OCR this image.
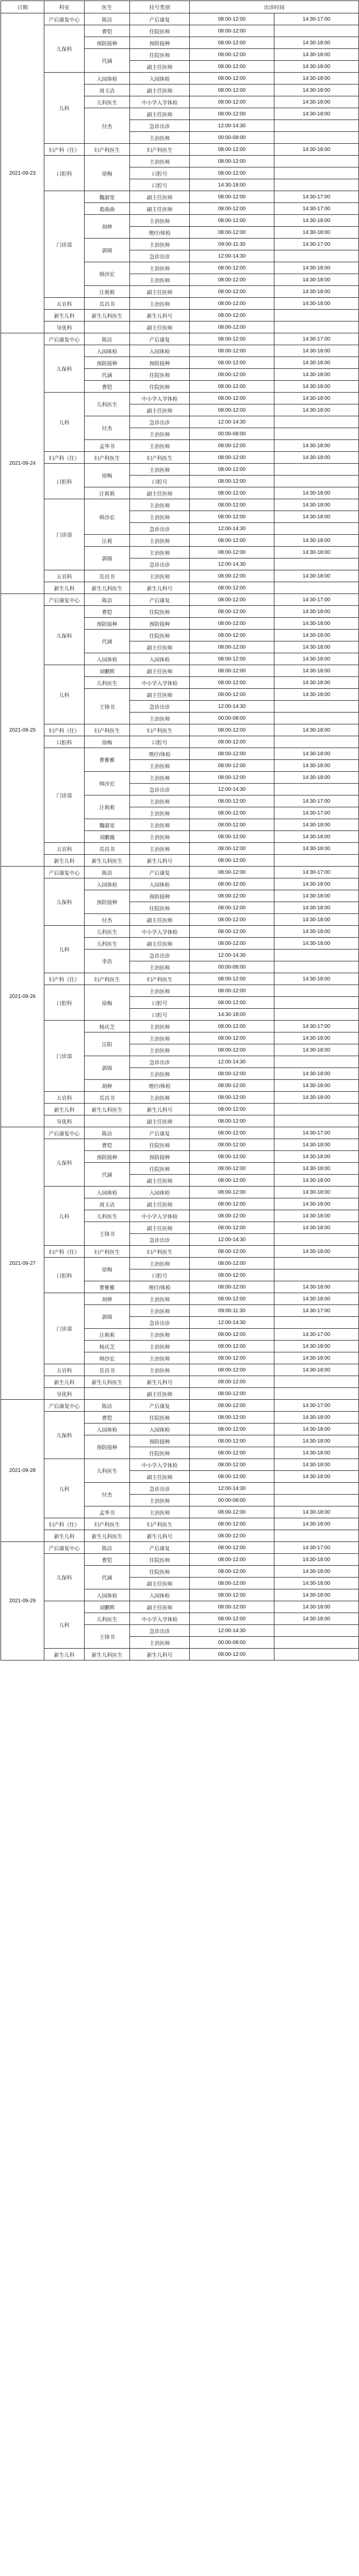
日期	科室	医生	挂号类别	出诊时间	
2021-09-23	产后康复中心	陈洁	产后康复	08:00-12:00	14:30-17:00
	儿保科	曹铠	住院医师	08:00-12:00	
		预防接种	预防接种	08:00-12:00	14:30-18:00
		代涵	住院医师	08:00-12:00	14:30-18:00
			副主任医师	08:00-12:00	14:30-18:00
	儿科	入园体检	入园体检	08:00-12:00	14:30-18:00
		周玉洁	副主任医师	08:00-12:00	14:30-18:00
		儿科医生	中小学入学体检	08:00-12:00	14:30-18:00
		付杰	副主任医师	08:00-12:00	14:30-18:00
			急诊出诊	12:00-14:30	
			主治医师	00:00-08:00	
	妇产科（住）	妇产科医生	妇产科医生	08:00-12:00	14:30-18:00
	口腔科	徐梅	主治医师	08:00-12:00	
			口腔号	08:00-12:00	
			口腔号	14:30-18:00	
	门诊部	魏淑宽	副主任医师	08:00-12:00	14:30-17:00
		葛曲曲	副主任医师	08:00-12:00	14:30-17:00
		胡伸	主治医师	08:00-12:00	14:30-18:00
			理疗/体检	08:00-12:00	14:30-18:00
		郭锦	主治医师	09:00-11:30	14:30-17:00
			急诊出诊	12:00-14:30	
		韩沙宏	主治医师	08:00-12:00	14:30-18:00
			主治医师	08:00-12:00	14:30-18:00
		汪莉莉	副主任医师	08:00-12:00	14:30-18:00
	五官科	岳昌书	主治医师	08:00-12:00	14:30-18:00
	新生儿科	新生儿科医生	新生儿科号	08:00-12:00	
	导优科		副主任医师	08:00-12:00	
2021-09-24	产后康复中心	陈洁	产后康复	08:00-12:00	14:30-17:00
	儿保科	入园体检	入园体检	08:00-12:00	14:30-18:00
		预防接种	预防接种	08:00-12:00	14:30-18:00
		代涵	住院医师	08:00-12:00	14:30-18:00
		曹铠	住院医师	08:00-12:00	14:30-18:00
	儿科	儿科医生	中小学入学体检	08:00-12:00	14:30-18:00
			副主任医师	08:00-12:00	14:30-18:00
		付杰	急诊出诊	12:00-14:30	
			主治医师	00:00-08:00	
		孟华书	主治医师	08:00-12:00	14:30-18:00
	妇产科（住）	妇产科医生	妇产科医生	08:00-12:00	14:30-18:00
	口腔科	徐梅	主治医师	08:00-12:00	
			口腔号	08:00-12:00	
		汪莉莉	副主任医师	08:00-12:00	14:30-18:00
	门诊部	韩沙宏	主治医师	08:00-12:00	14:30-18:00
			主治医师	08:00-12:00	14:30-18:00
			急诊出诊	12:00-14:30	
		汪莉	主治医师	08:00-12:00	14:30-18:00
		郭锦	主治医师	08:00-12:00	14:30-18:00
			急诊出诊	12:00-14:30	
	五官科	岳昌书	主治医师	08:00-12:00	14:30-18:00
	新生儿科	新生儿科医生	新生儿科号	08:00-12:00	
2021-09-25	产后康复中心	陈洁	产后康复	08:00-12:00	14:30-17:00
	儿保科	曹铠	住院医师	08:00-12:00	14:30-18:00
		预防接种	预防接种	08:00-12:00	14:30-18:00
		代涵	住院医师	08:00-12:00	14:30-18:00
			副主任医师	08:00-12:00	14:30-18:00
		入园体检	入园体检	08:00-12:00	14:30-18:00
	儿科	刘鹏辉	副主任医师	08:00-12:00	14:30-18:00
		儿科医生	中小学入学体检	08:00-12:00	14:30-18:00
		王锋书	副主任医师	08:00-12:00	14:30-18:00
			急诊出诊	12:00-14:30	
			主治医师	00:00-08:00	
	妇产科（住）	妇产科医生	妇产科医生	08:00-12:00	14:30-18:00
	口腔科	徐梅	口腔号	08:00-12:00	
	门诊部	曹雅雅	理疗/体检	08:00-12:00	14:30-18:00
			主治医师	08:00-12:00	14:30-18:00
		韩沙宏	主治医师	08:00-12:00	14:30-18:00
			急诊出诊	12:00-14:30	
		汪莉莉	主治医师	08:00-12:00	14:30-17:00
			主治医师	08:00-12:00	14:30-17:00
		魏淑宽	主治医师	08:00-12:00	14:30-18:00
		刘鹏薇	主治医师	08:00-12:00	14:30-18:00
	五官科	岳昌书	主治医师	08:00-12:00	14:30-18:00
	新生儿科	新生儿科医生	新生儿科号	08:00-12:00	
2021-09-26	产后康复中心	陈洁	产后康复	08:00-12:00	14:30-17:00
	儿保科	入园体检	入园体检	08:00-12:00	14:30-18:00
		预防接种	预防接种	08:00-12:00	14:30-18:00
			住院医师	08:00-12:00	14:30-18:00
		付杰	副主任医师	08:00-12:00	14:30-18:00
	儿科	儿科医生	中小学入学体检	08:00-12:00	14:30-18:00
		儿科医生	副主任医师	08:00-12:00	14:30-18:00
		李浩	急诊出诊	12:00-14:30	
			主治医师	00:00-08:00	
	妇产科（住）	妇产科医生	妇产科医生	08:00-12:00	14:30-18:00
	口腔科	徐梅	主治医师	08:00-12:00	
			口腔号	08:00-12:00	
			口腔号	14:30-18:00	
	门诊部	杨庆芝	主治医师	08:00-12:00	14:30-17:00
		汪阳	主治医师	08:00-12:00	14:30-18:00
			主治医师	08:00-12:00	14:30-18:00
		郭锦	急诊出诊	12:00-14:30	
			主治医师	08:00-12:00	14:30-18:00
		胡伸	理疗/体检	08:00-12:00	14:30-18:00
	五官科	岳昌书	主治医师	08:00-12:00	14:30-18:00
	新生儿科	新生儿科医生	新生儿科号	08:00-12:00	
	导优科		副主任医师	08:00-12:00	
2021-09-27	产后康复中心	陈洁	产后康复	08:00-12:00	14:30-17:00
	儿保科	曹铠	住院医师	08:00-12:00	14:30-18:00
		预防接种	预防接种	08:00-12:00	14:30-18:00
		代涵	住院医师	08:00-12:00	14:30-18:00
			副主任医师	08:00-12:00	14:30-18:00
	儿科	入园体检	入园体检	08:00-12:00	14:30-18:00
		周玉洁	副主任医师	08:00-12:00	14:30-18:00
		儿科医生	中小学入学体检	08:00-12:00	14:30-18:00
		王锋书	副主任医师	08:00-12:00	14:30-18:00
			急诊出诊	12:00-14:30	
	妇产科（住）	妇产科医生	妇产科医生	08:00-12:00	14:30-18:00
	口腔科	徐梅	主治医师	08:00-12:00	
			口腔号	08:00-12:00	
		曹雅雅	理疗/体检	08:00-12:00	14:30-18:00
	门诊部	胡伸	主治医师	08:00-12:00	14:30-18:00
		郭锦	主治医师	09:00-11:30	14:30-17:00
			急诊出诊	12:00-14:30	
		汪莉莉	主治医师	08:00-12:00	14:30-17:00
		杨庆芝	主治医师	08:00-12:00	14:30-18:00
		韩沙宏	主治医师	08:00-12:00	14:30-18:00
	五官科	岳昌书	主治医师	08:00-12:00	14:30-18:00
	新生儿科	新生儿科医生	新生儿科号	08:00-12:00	
	导优科		副主任医师	08:00-12:00	
2021-09-28	产后康复中心	陈洁	产后康复	08:00-12:00	14:30-17:00
	儿保科	曹铠	住院医师	08:00-12:00	14:30-18:00
		入园体检	入园体检	08:00-12:00	14:30-18:00
		预防接种	预防接种	08:00-12:00	14:30-18:00
			住院医师	08:00-12:00	14:30-18:00
	儿科	儿科医生	中小学入学体检	08:00-12:00	14:30-18:00
			副主任医师	08:00-12:00	14:30-18:00
		付杰	急诊出诊	12:00-14:30	
			主治医师	00:00-08:00	
		孟华书	主治医师	08:00-12:00	14:30-18:00
	妇产科（住）	妇产科医生	妇产科医生	08:00-12:00	14:30-18:00
	新生儿科	新生儿科医生	新生儿科号	08:00-12:00	
2021-09-29	产后康复中心	陈洁	产后康复	08:00-12:00	14:30-17:00
	儿保科	曹铠	住院医师	08:00-12:00	14:30-18:00
		代涵	住院医师	08:00-12:00	14:30-18:00
			副主任医师	08:00-12:00	14:30-18:00
		入园体检	入园体检	08:00-12:00	14:30-18:00
	儿科	刘鹏辉	副主任医师	08:00-12:00	14:30-18:00
		儿科医生	中小学入学体检	08:00-12:00	14:30-18:00
		王锋书	急诊出诊	12:00-14:30	
			主治医师	00:00-08:00	
	新生儿科	新生儿科医生	新生儿科号	08:00-12:00	
